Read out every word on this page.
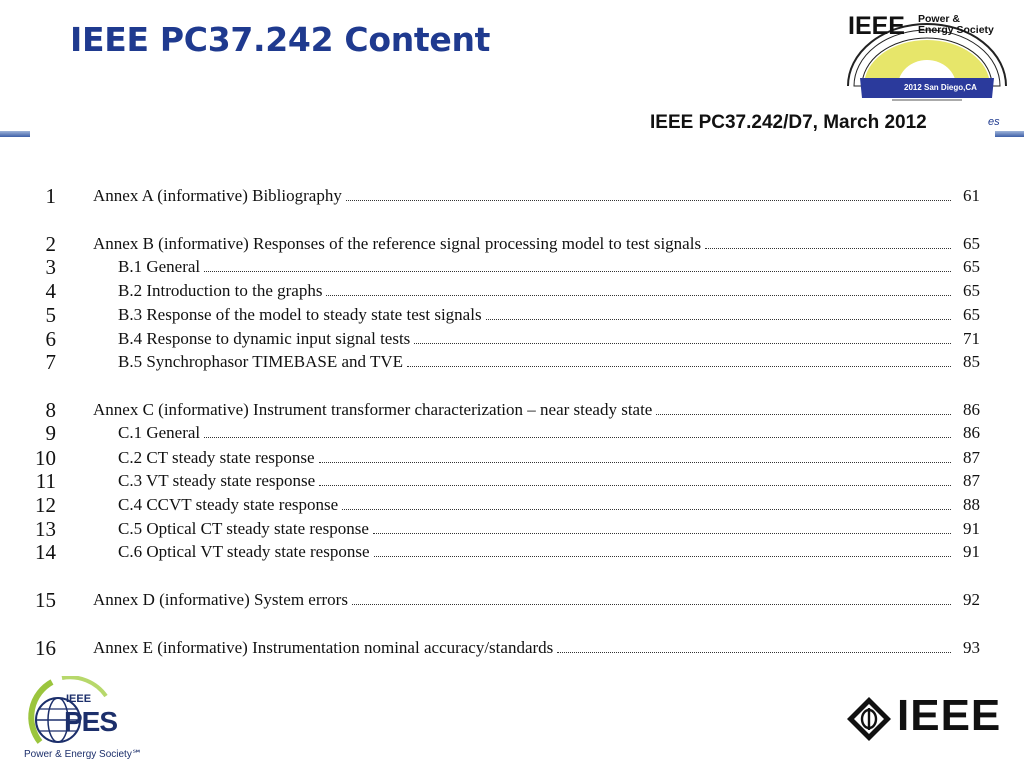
IEEE PC37.242 Content
es
IEEE Power &
Energy Society
2012 San Diego,CA
IEEE PC37.242/D7, March 2012
1 Annex A (informative) Bibliography	61
2 Annex B (informative) Responses of the reference signal processing model to test signals	65
3	B.1 General	65
4	B.2 Introduction to the graphs	65
5	B.3 Response of the model to steady state test signals	65
6	B.4 Response to dynamic input signal tests	71
7	B.5 Synchrophasor TIMEBASE and TVE	85
8 Annex C (informative) Instrument transformer characterization – near steady state	86
9	C.1 General	86
10	C.2 CT steady state response	87
11	C.3 VT steady state response	87
12	C.4 CCVT steady state response	88
13	C.5 Optical CT steady state response	91
14	C.6 Optical VT steady state response	91
15 Annex D (informative) System errors	92
16 Annex E (informative) Instrumentation nominal accuracy/standards	93
IEEE
PES
Power & Energy Society℠
IEEE
